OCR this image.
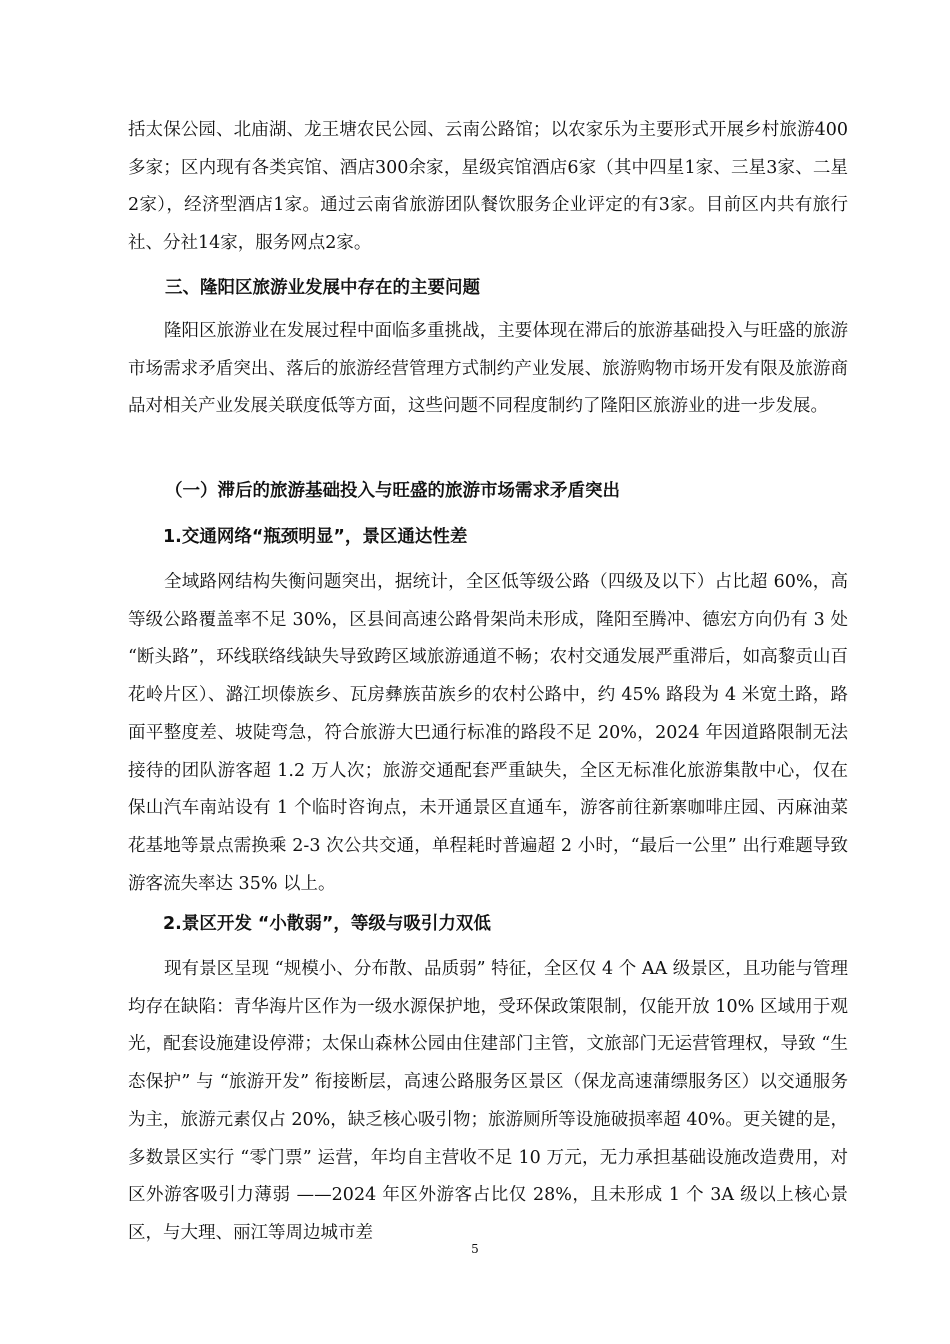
括太保公园、北庙湖、龙王塘农民公园、云南公路馆；以农家乐为主要形式开展乡村旅游400多家；区内现有各类宾馆、酒店300余家，星级宾馆酒店6家（其中四星1家、三星3家、二星2家），经济型酒店1家。通过云南省旅游团队餐饮服务企业评定的有3家。目前区内共有旅行社、分社14家，服务网点2家。

三、隆阳区旅游业发展中存在的主要问题

隆阳区旅游业在发展过程中面临多重挑战，主要体现在滞后的旅游基础投入与旺盛的旅游市场需求矛盾突出、落后的旅游经营管理方式制约产业发展、旅游购物市场开发有限及旅游商品对相关产业发展关联度低等方面，这些问题不同程度制约了隆阳区旅游业的进一步发展。

（一）滞后的旅游基础投入与旺盛的旅游市场需求矛盾突出
1.交通网络“瓶颈明显”，景区通达性差

全域路网结构失衡问题突出，据统计，全区低等级公路（四级及以下）占比超 60%，高等级公路覆盖率不足 30%，区县间高速公路骨架尚未形成，隆阳至腾冲、德宏方向仍有 3 处 “断头路”，环线联络线缺失导致跨区域旅游通道不畅；农村交通发展严重滞后，如高黎贡山百花岭片区）、潞江坝傣族乡、瓦房彝族苗族乡的农村公路中，约 45% 路段为 4 米宽土路，路面平整度差、坡陡弯急，符合旅游大巴通行标准的路段不足 20%，2024 年因道路限制无法接待的团队游客超 1.2 万人次；旅游交通配套严重缺失，全区无标准化旅游集散中心，仅在保山汽车南站设有 1 个临时咨询点，未开通景区直通车，游客前往新寨咖啡庄园、丙麻油菜花基地等景点需换乘 2-3 次公共交通，单程耗时普遍超 2 小时，“最后一公里” 出行难题导致游客流失率达 35% 以上。

2.景区开发 “小散弱”，等级与吸引力双低

现有景区呈现 “规模小、分布散、品质弱” 特征，全区仅 4 个 AA 级景区，且功能与管理均存在缺陷：青华海片区作为一级水源保护地，受环保政策限制，仅能开放 10% 区域用于观光，配套设施建设停滞；太保山森林公园由住建部门主管，文旅部门无运营管理权，导致 “生态保护” 与 “旅游开发” 衔接断层，高速公路服务区景区（保龙高速蒲缥服务区）以交通服务为主，旅游元素仅占 20%，缺乏核心吸引物；旅游厕所等设施破损率超 40%。更关键的是，多数景区实行 “零门票” 运营，年均自主营收不足 10 万元，无力承担基础设施改造费用，对区外游客吸引力薄弱 ——2024 年区外游客占比仅 28%，且未形成 1 个 3A 级以上核心景区，与大理、丽江等周边城市差

5
